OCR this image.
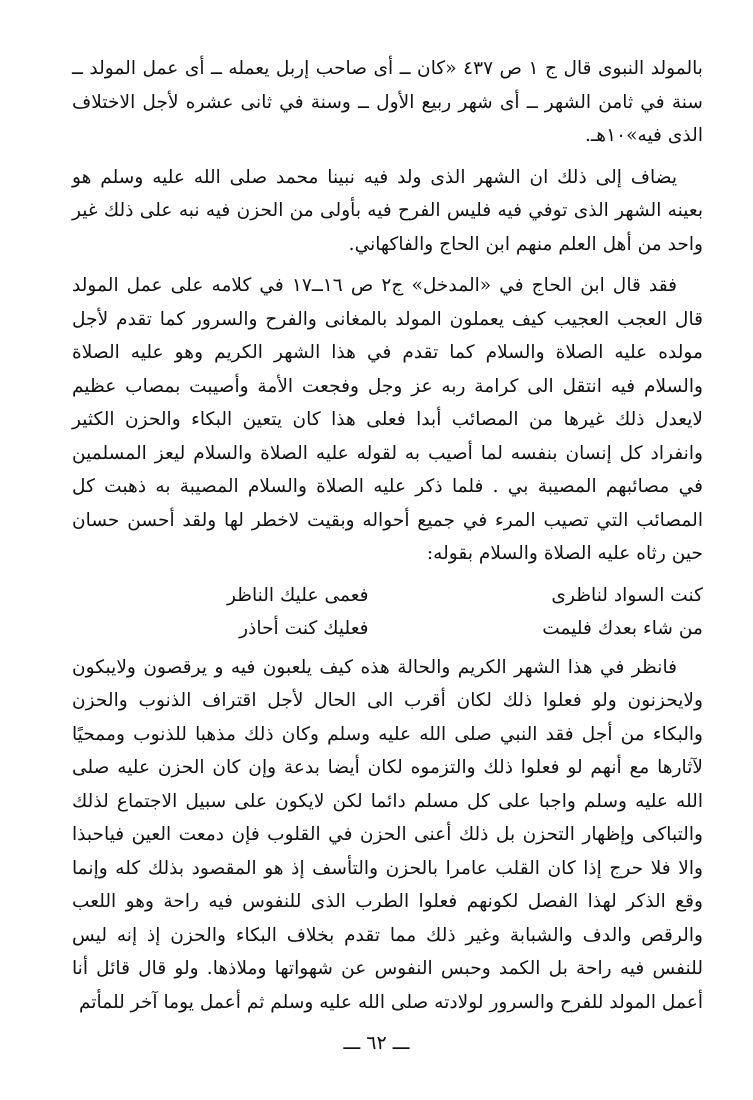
بالمولد النبوى قال ج ١ ص ٤٣٧ «كان ــ أى صاحب إربل يعمله ــ أى عمل المولد ــ سنة في ثامن الشهر ــ أى شهر ربيع الأول ــ وسنة في ثانى عشره لأجل الاختلاف الذى فيه»١٠هـ.

يضاف إلى ذلك ان الشهر الذى ولد فيه نبينا محمد صلى الله عليه وسلم هو بعينه الشهر الذى توفي فيه فليس الفرح فيه بأولى من الحزن فيه نبه على ذلك غير واحد من أهل العلم منهم ابن الحاج والفاكهاني.

فقد قال ابن الحاج في «المدخل» ج٢ ص ١٦ــ١٧ في كلامه على عمل المولد قال العجب العجيب كيف يعملون المولد بالمغانى والفرح والسرور كما تقدم لأجل مولده عليه الصلاة والسلام كما تقدم في هذا الشهر الكريم وهو عليه الصلاة والسلام فيه انتقل الى كرامة ربه عز وجل وفجعت الأمة وأصيبت بمصاب عظيم لايعدل ذلك غيرها من المصائب أبدا فعلى هذا كان يتعين البكاء والحزن الكثير وانفراد كل إنسان بنفسه لما أصيب به لقوله عليه الصلاة والسلام ليعز المسلمين في مصائبهم المصيبة بي . فلما ذكر عليه الصلاة والسلام المصيبة به ذهبت كل المصائب التي تصيب المرء في جميع أحواله وبقيت لاخطر لها ولقد أحسن حسان حين رثاه عليه الصلاة والسلام بقوله:

كنت السواد لناظرى
فعمى عليك الناظر
من شاء بعدك فليمت
فعليك كنت أحاذر

فانظر في هذا الشهر الكريم والحالة هذه كيف يلعبون فيه و يرقصون ولايبكون ولايحزنون ولو فعلوا ذلك لكان أقرب الى الحال لأجل اقتراف الذنوب والحزن والبكاء من أجل فقد النبي صلى الله عليه وسلم وكان ذلك مذهبا للذنوب وممحيًا لآثارها مع أنهم لو فعلوا ذلك والتزموه لكان أيضا بدعة وإن كان الحزن عليه صلى الله عليه وسلم واجبا على كل مسلم دائما لكن لايكون على سبيل الاجتماع لذلك والتباكى وإظهار التحزن بل ذلك أعنى الحزن في القلوب فإن دمعت العين فياحبذا والا فلا حرج إذا كان القلب عامرا بالحزن والتأسف إذ هو المقصود بذلك كله وإنما وقع الذكر لهذا الفصل لكونهم فعلوا الطرب الذى للنفوس فيه راحة وهو اللعب والرقص والدف والشبابة وغير ذلك مما تقدم بخلاف البكاء والحزن إذ إنه ليس للنفس فيه راحة بل الكمد وحبس النفوس عن شهواتها وملاذها. ولو قال قائل أنا أعمل المولد للفرح والسرور لولادته صلى الله عليه وسلم ثم أعمل يوما آخر للمأتم

ـــ ٦٢ ـــ
